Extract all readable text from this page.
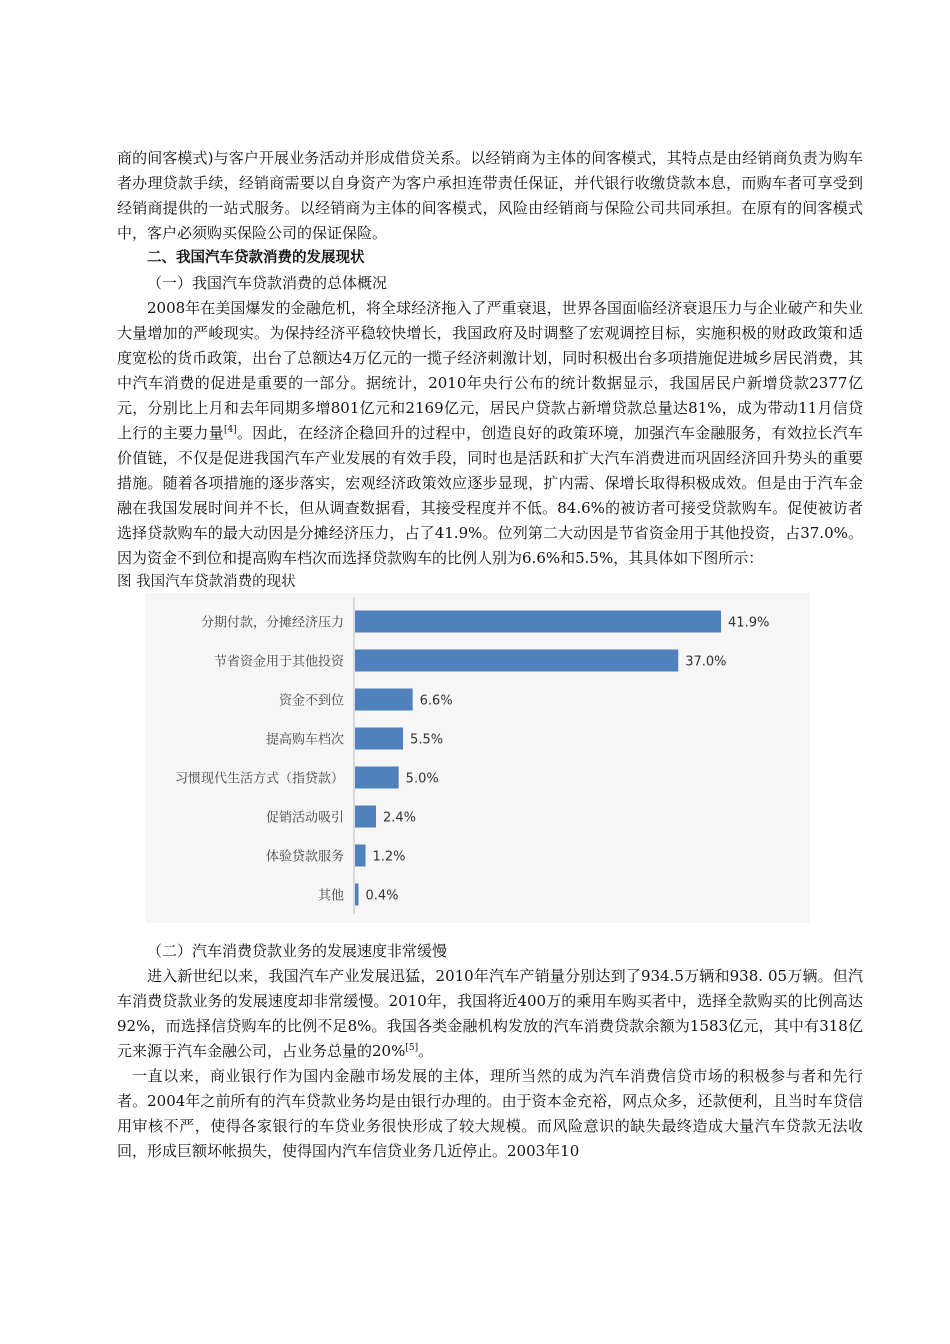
商的间客模式)与客户开展业务活动并形成借贷关系。以经销商为主体的间客模式，其特点是由经销商负责为购车者办理贷款手续，经销商需要以自身资产为客户承担连带责任保证，并代银行收缴贷款本息，而购车者可享受到经销商提供的一站式服务。以经销商为主体的间客模式，风险由经销商与保险公司共同承担。在原有的间客模式中，客户必须购买保险公司的保证保险。

二、我国汽车贷款消费的发展现状

（一）我国汽车贷款消费的总体概况

2008年在美国爆发的金融危机，将全球经济拖入了严重衰退，世界各国面临经济衰退压力与企业破产和失业大量增加的严峻现实。为保持经济平稳较快增长，我国政府及时调整了宏观调控目标，实施积极的财政政策和适度宽松的货币政策，出台了总额达4万亿元的一揽子经济刺激计划，同时积极出台多项措施促进城乡居民消费，其中汽车消费的促进是重要的一部分。据统计，2010年央行公布的统计数据显示，我国居民户新增贷款2377亿元，分别比上月和去年同期多增801亿元和2169亿元，居民户贷款占新增贷款总量达81%，成为带动11月信贷上行的主要力量[4]。因此，在经济企稳回升的过程中，创造良好的政策环境，加强汽车金融服务，有效拉长汽车价值链，不仅是促进我国汽车产业发展的有效手段，同时也是活跃和扩大汽车消费进而巩固经济回升势头的重要措施。随着各项措施的逐步落实，宏观经济政策效应逐步显现，扩内需、保增长取得积极成效。但是由于汽车金融在我国发展时间并不长，但从调查数据看，其接受程度并不低。84.6%的被访者可接受贷款购车。促使被访者选择贷款购车的最大动因是分摊经济压力，占了41.9%。位列第二大动因是节省资金用于其他投资，占37.0%。因为资金不到位和提高购车档次而选择贷款购车的比例人别为6.6%和5.5%，其具体如下图所示：

图 我国汽车贷款消费的现状

分期付款，分摊经济压力	41.9%
节省资金用于其他投资	37.0%
资金不到位	6.6%
提高购车档次	5.5%
习惯现代生活方式（指贷款）	5.0%
促销活动吸引	2.4%
体验贷款服务 1.2%
其他 0.4%

（二）汽车消费贷款业务的发展速度非常缓慢

进入新世纪以来，我国汽车产业发展迅猛，2010年汽车产销量分别达到了934.5万辆和938. 05万辆。但汽车消费贷款业务的发展速度却非常缓慢。2010年，我国将近400万的乘用车购买者中，选择全款购买的比例高达92%，而选择信贷购车的比例不足8%。我国各类金融机构发放的汽车消费贷款余额为1583亿元，其中有318亿元来源于汽车金融公司，占业务总量的20%[5]。

一直以来，商业银行作为国内金融市场发展的主体，理所当然的成为汽车消费信贷市场的积极参与者和先行者。2004年之前所有的汽车贷款业务均是由银行办理的。由于资本金充裕，网点众多，还款便利，且当时车贷信用审核不严，使得各家银行的车贷业务很快形成了较大规模。而风险意识的缺失最终造成大量汽车贷款无法收回，形成巨额坏帐损失，使得国内汽车信贷业务几近停止。2003年10
